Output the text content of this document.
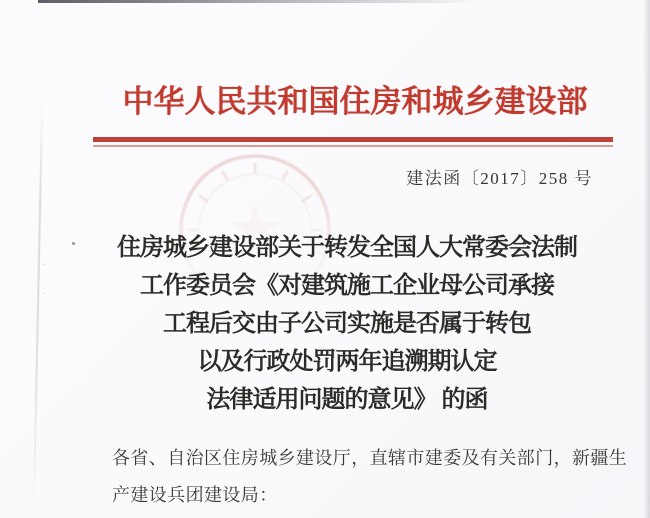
中华人民共和国住房和城乡建设部
建法函〔2017〕258 号
住房城乡建设部关于转发全国人大常委会法制
工作委员会《对建筑施工企业母公司承接
工程后交由子公司实施是否属于转包
以及行政处罚两年追溯期认定
法律适用问题的意见》 的函
各省、自治区住房城乡建设厅，直辖市建委及有关部门，新疆生
产建设兵团建设局：
